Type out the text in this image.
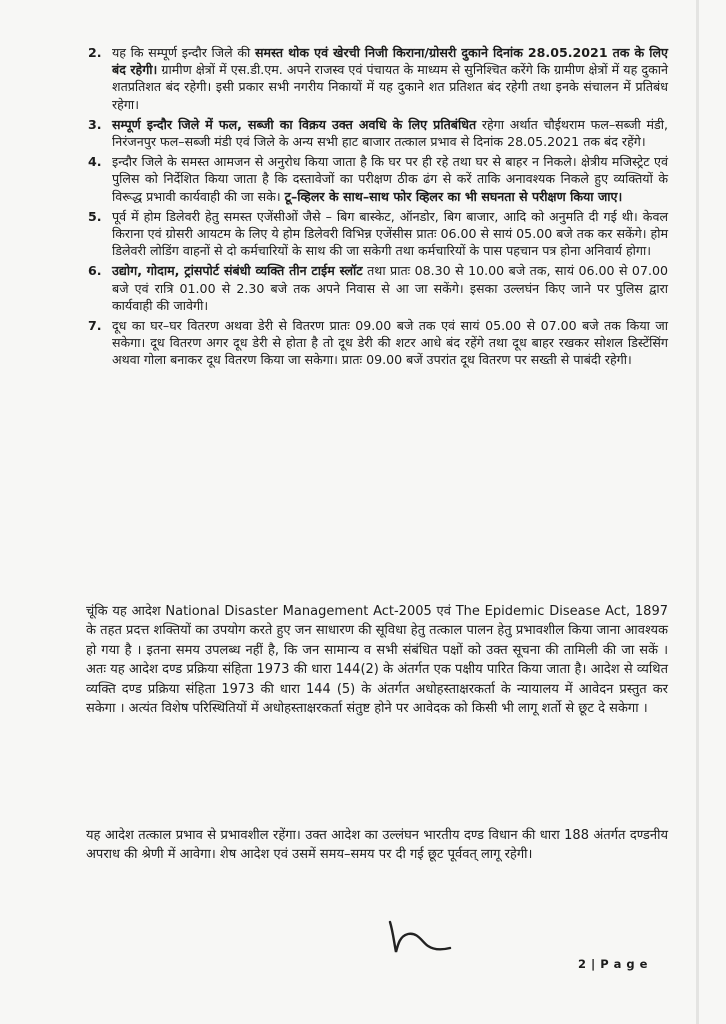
2. यह कि सम्पूर्ण इन्दौर जिले की समस्त थोक एवं खेरची निजी किराना/ग्रोसरी दुकाने दिनांक 28.05.2021 तक के लिए बंद रहेगी। ग्रामीण क्षेत्रों में एस.डी.एम. अपने राजस्व एवं पंचायत के माध्यम से सुनिश्चित करेंगे कि ग्रामीण क्षेत्रों में यह दुकाने शतप्रतिशत बंद रहेगी। इसी प्रकार सभी नगरीय निकायों में यह दुकाने शत प्रतिशत बंद रहेगी तथा इनके संचालन में प्रतिबंध रहेगा।
3. सम्पूर्ण इन्दौर जिले में फल, सब्जी का विक्रय उक्त अवधि के लिए प्रतिबंधित रहेगा अर्थात चौईथराम फल–सब्जी मंडी, निरंजनपुर फल–सब्जी मंडी एवं जिले के अन्य सभी हाट बाजार तत्काल प्रभाव से दिनांक 28.05.2021 तक बंद रहेंगे।
4. इन्दौर जिले के समस्त आमजन से अनुरोध किया जाता है कि घर पर ही रहे तथा घर से बाहर न निकले। क्षेत्रीय मजिस्ट्रेट एवं पुलिस को निर्देशित किया जाता है कि दस्तावेजों का परीक्षण ठीक ढंग से करें ताकि अनावश्यक निकले हुए व्यक्तियों के विरूद्ध प्रभावी कार्यवाही की जा सके। टू–व्हिलर के साथ–साथ फोर व्हिलर का भी सघनता से परीक्षण किया जाए।
5. पूर्व में होम डिलेवरी हेतु समस्त एजेंसीओं जैसे – बिग बास्केट, ऑनडोर, बिग बाजार, आदि को अनुमति दी गई थी। केवल किराना एवं ग्रोसरी आयटम के लिए ये होम डिलेवरी विभिन्न एजेंसीस प्रातः 06.00 से सायं 05.00 बजे तक कर सकेंगे। होम डिलेवरी लोडिंग वाहनों से दो कर्मचारियों के साथ की जा सकेगी तथा कर्मचारियों के पास पहचान पत्र होना अनिवार्य होगा।
6. उद्योग, गोदाम, ट्रांसपोर्ट संबंधी व्यक्ति तीन टाईम स्लॉट तथा प्रातः 08.30 से 10.00 बजे तक, सायं 06.00 से 07.00 बजे एवं रात्रि 01.00 से 2.30 बजे तक अपने निवास से आ जा सकेंगे। इसका उल्लघंन किए जाने पर पुलिस द्वारा कार्यवाही की जावेगी।
7. दूध का घर–घर वितरण अथवा डेरी से वितरण प्रातः 09.00 बजे तक एवं सायं 05.00 से 07.00 बजे तक किया जा सकेगा। दूध वितरण अगर दूध डेरी से होता है तो दूध डेरी की शटर आधे बंद रहेंगे तथा दूध बाहर रखकर सोशल डिस्टेंसिंग अथवा गोला बनाकर दूध वितरण किया जा सकेगा। प्रातः 09.00 बजें उपरांत दूध वितरण पर सख्ती से पाबंदी रहेगी।

चूंकि यह आदेश National Disaster Management Act-2005 एवं The Epidemic Disease Act, 1897 के तहत प्रदत्त शक्तियों का उपयोग करते हुए जन साधारण की सूविधा हेतु तत्काल पालन हेतु प्रभावशील किया जाना आवश्यक हो गया है । इतना समय उपलब्ध नहीं है, कि जन सामान्य व सभी संबंधित पक्षों को उक्त सूचना की तामिली की जा सकें । अतः यह आदेश दण्ड प्रक्रिया संहिता 1973 की धारा 144(2) के अंतर्गत एक पक्षीय पारित किया जाता है। आदेश से व्यथित व्यक्ति दण्ड प्रक्रिया संहिता 1973 की धारा 144 (5) के अंतर्गत अधोहस्ताक्षरकर्ता के न्यायालय में आवेदन प्रस्तुत कर सकेगा । अत्यंत विशेष परिस्थितियों में अधोहस्ताक्षरकर्ता संतुष्ट होने पर आवेदक को किसी भी लागू शर्तो से छूट दे सकेगा ।

यह आदेश तत्काल प्रभाव से प्रभावशील रहेंगा। उक्त आदेश का उल्लंघन भारतीय दण्ड विधान की धारा 188 अंतर्गत दण्डनीय अपराध की श्रेणी में आवेगा। शेष आदेश एवं उसमें समय–समय पर दी गई छूट पूर्ववत् लागू रहेगी।

2 | P a g e
